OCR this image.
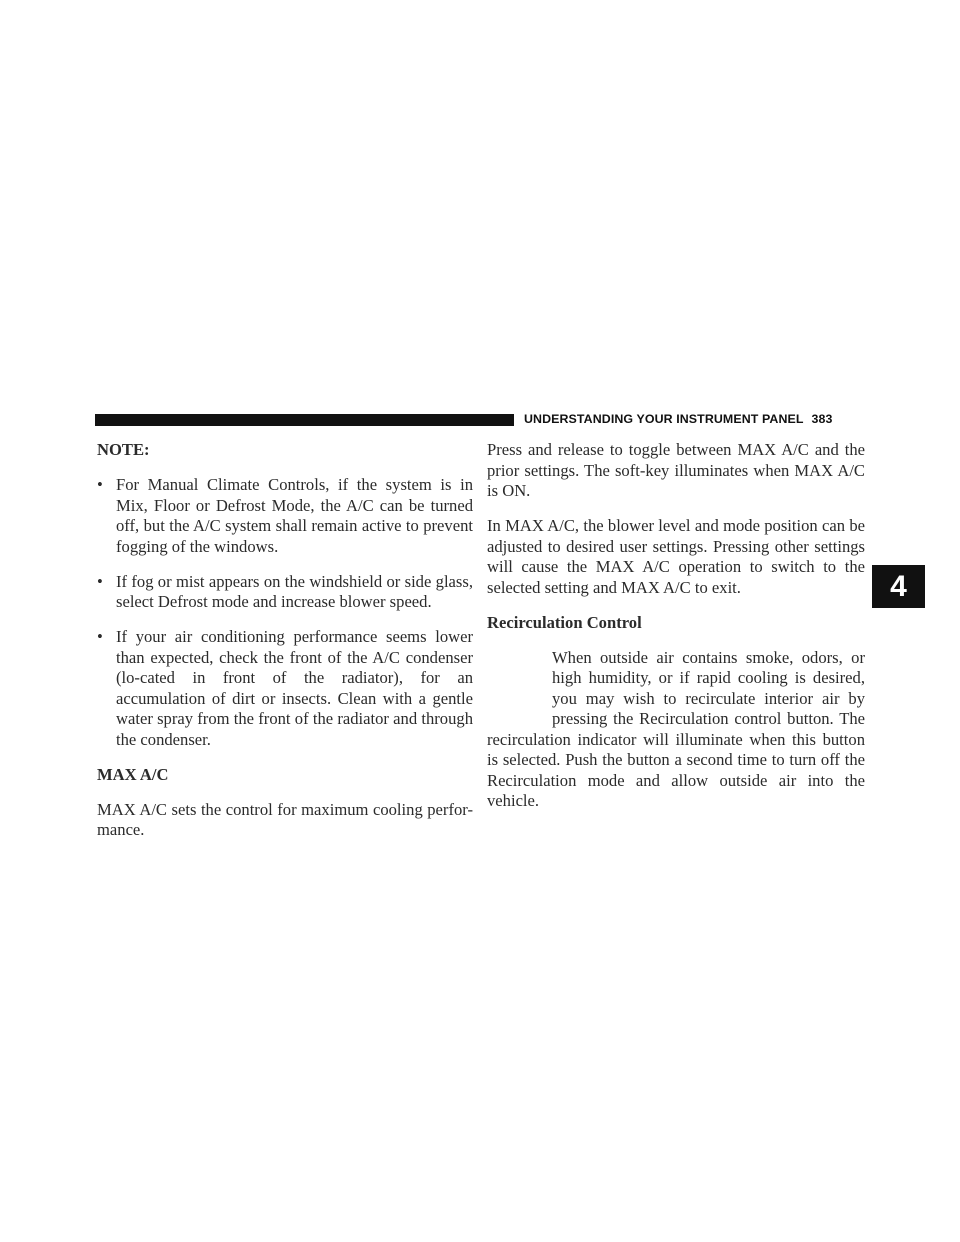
UNDERSTANDING YOUR INSTRUMENT PANEL 383
4
NOTE:
• For Manual Climate Controls, if the system is in Mix, Floor or Defrost Mode, the A/C can be turned off, but the A/C system shall remain active to prevent fogging of the windows.
• If fog or mist appears on the windshield or side glass, select Defrost mode and increase blower speed.
• If your air conditioning performance seems lower than expected, check the front of the A/C condenser (lo-cated in front of the radiator), for an accumulation of dirt or insects. Clean with a gentle water spray from the front of the radiator and through the condenser.
MAX A/C

MAX A/C sets the control for maximum cooling perfor-mance.

Press and release to toggle between MAX A/C and the prior settings. The soft-key illuminates when MAX A/C is ON.

In MAX A/C, the blower level and mode position can be adjusted to desired user settings. Pressing other settings will cause the MAX A/C operation to switch to the selected setting and MAX A/C to exit.

Recirculation Control
When outside air contains smoke, odors, or high humidity, or if rapid cooling is desired, you may wish to recirculate interior air by pressing the Recirculation control button. The recirculation indicator will illuminate when this button is selected. Push the button a second time to turn off the Recirculation mode and allow outside air into the vehicle.
